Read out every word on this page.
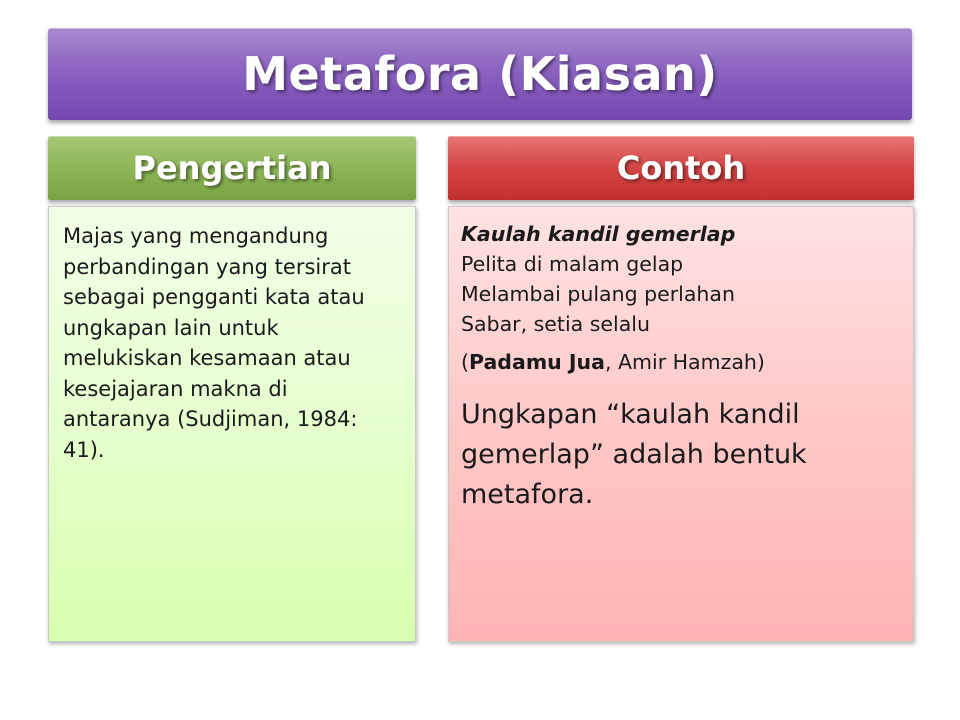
Metafora (Kiasan)
Pengertian	Contoh

Majas yang mengandung perbandingan yang tersirat sebagai pengganti kata atau ungkapan lain untuk melukiskan kesamaan atau kesejajaran makna di antaranya (Sudjiman, 1984: 41).

Kaulah kandil gemerlap
Pelita di malam gelap
Melambai pulang perlahan
Sabar, setia selalu
(Padamu Jua, Amir Hamzah)

Ungkapan “kaulah kandil gemerlap” adalah bentuk metafora.
